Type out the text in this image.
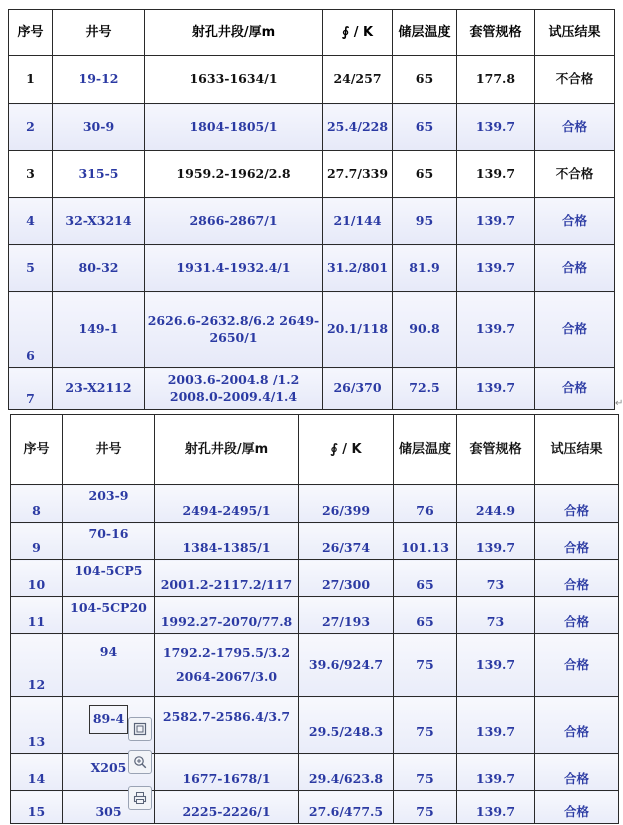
序号	井号	射孔井段/厚m	∮ / K	储层温度	套管规格	试压结果
1	19-12	1633-1634/1	24/257	65	177.8	不合格
2	30-9	1804-1805/1	25.4/228	65	139.7	合格
3	315-5	1959.2-1962/2.8	27.7/339	65	139.7	不合格
4	32-X3214	2866-2867/1	21/144	95	139.7	合格
5	80-32	1931.4-1932.4/1	31.2/801	81.9	139.7	合格
6	149-1	2626.6-2632.8/6.2 2649-2650/1	20.1/118	90.8	139.7	合格
7	23-X2112	2003.6-2004.8 /1.2 2008.0-2009.4/1.4	26/370	72.5	139.7	合格
↵
序号	井号	射孔井段/厚m	∮ / K	储层温度	套管规格	试压结果
8	203-9	2494-2495/1	26/399	76	244.9	合格
9	70-16	1384-1385/1	26/374	101.13	139.7	合格
10	104-5CP5	2001.2-2117.2/117	27/300	65	73	合格
11	104-5CP20	1992.27-2070/77.8	27/193	65	73	合格
12	94	1792.2-1795.5/3.2 2064-2067/3.0	39.6/924.7	75	139.7	合格
13	89-4	2582.7-2586.4/3.7	29.5/248.3	75	139.7	合格
14	X205	1677-1678/1	29.4/623.8	75	139.7	合格
15	305	2225-2226/1	27.6/477.5	75	139.7	合格
